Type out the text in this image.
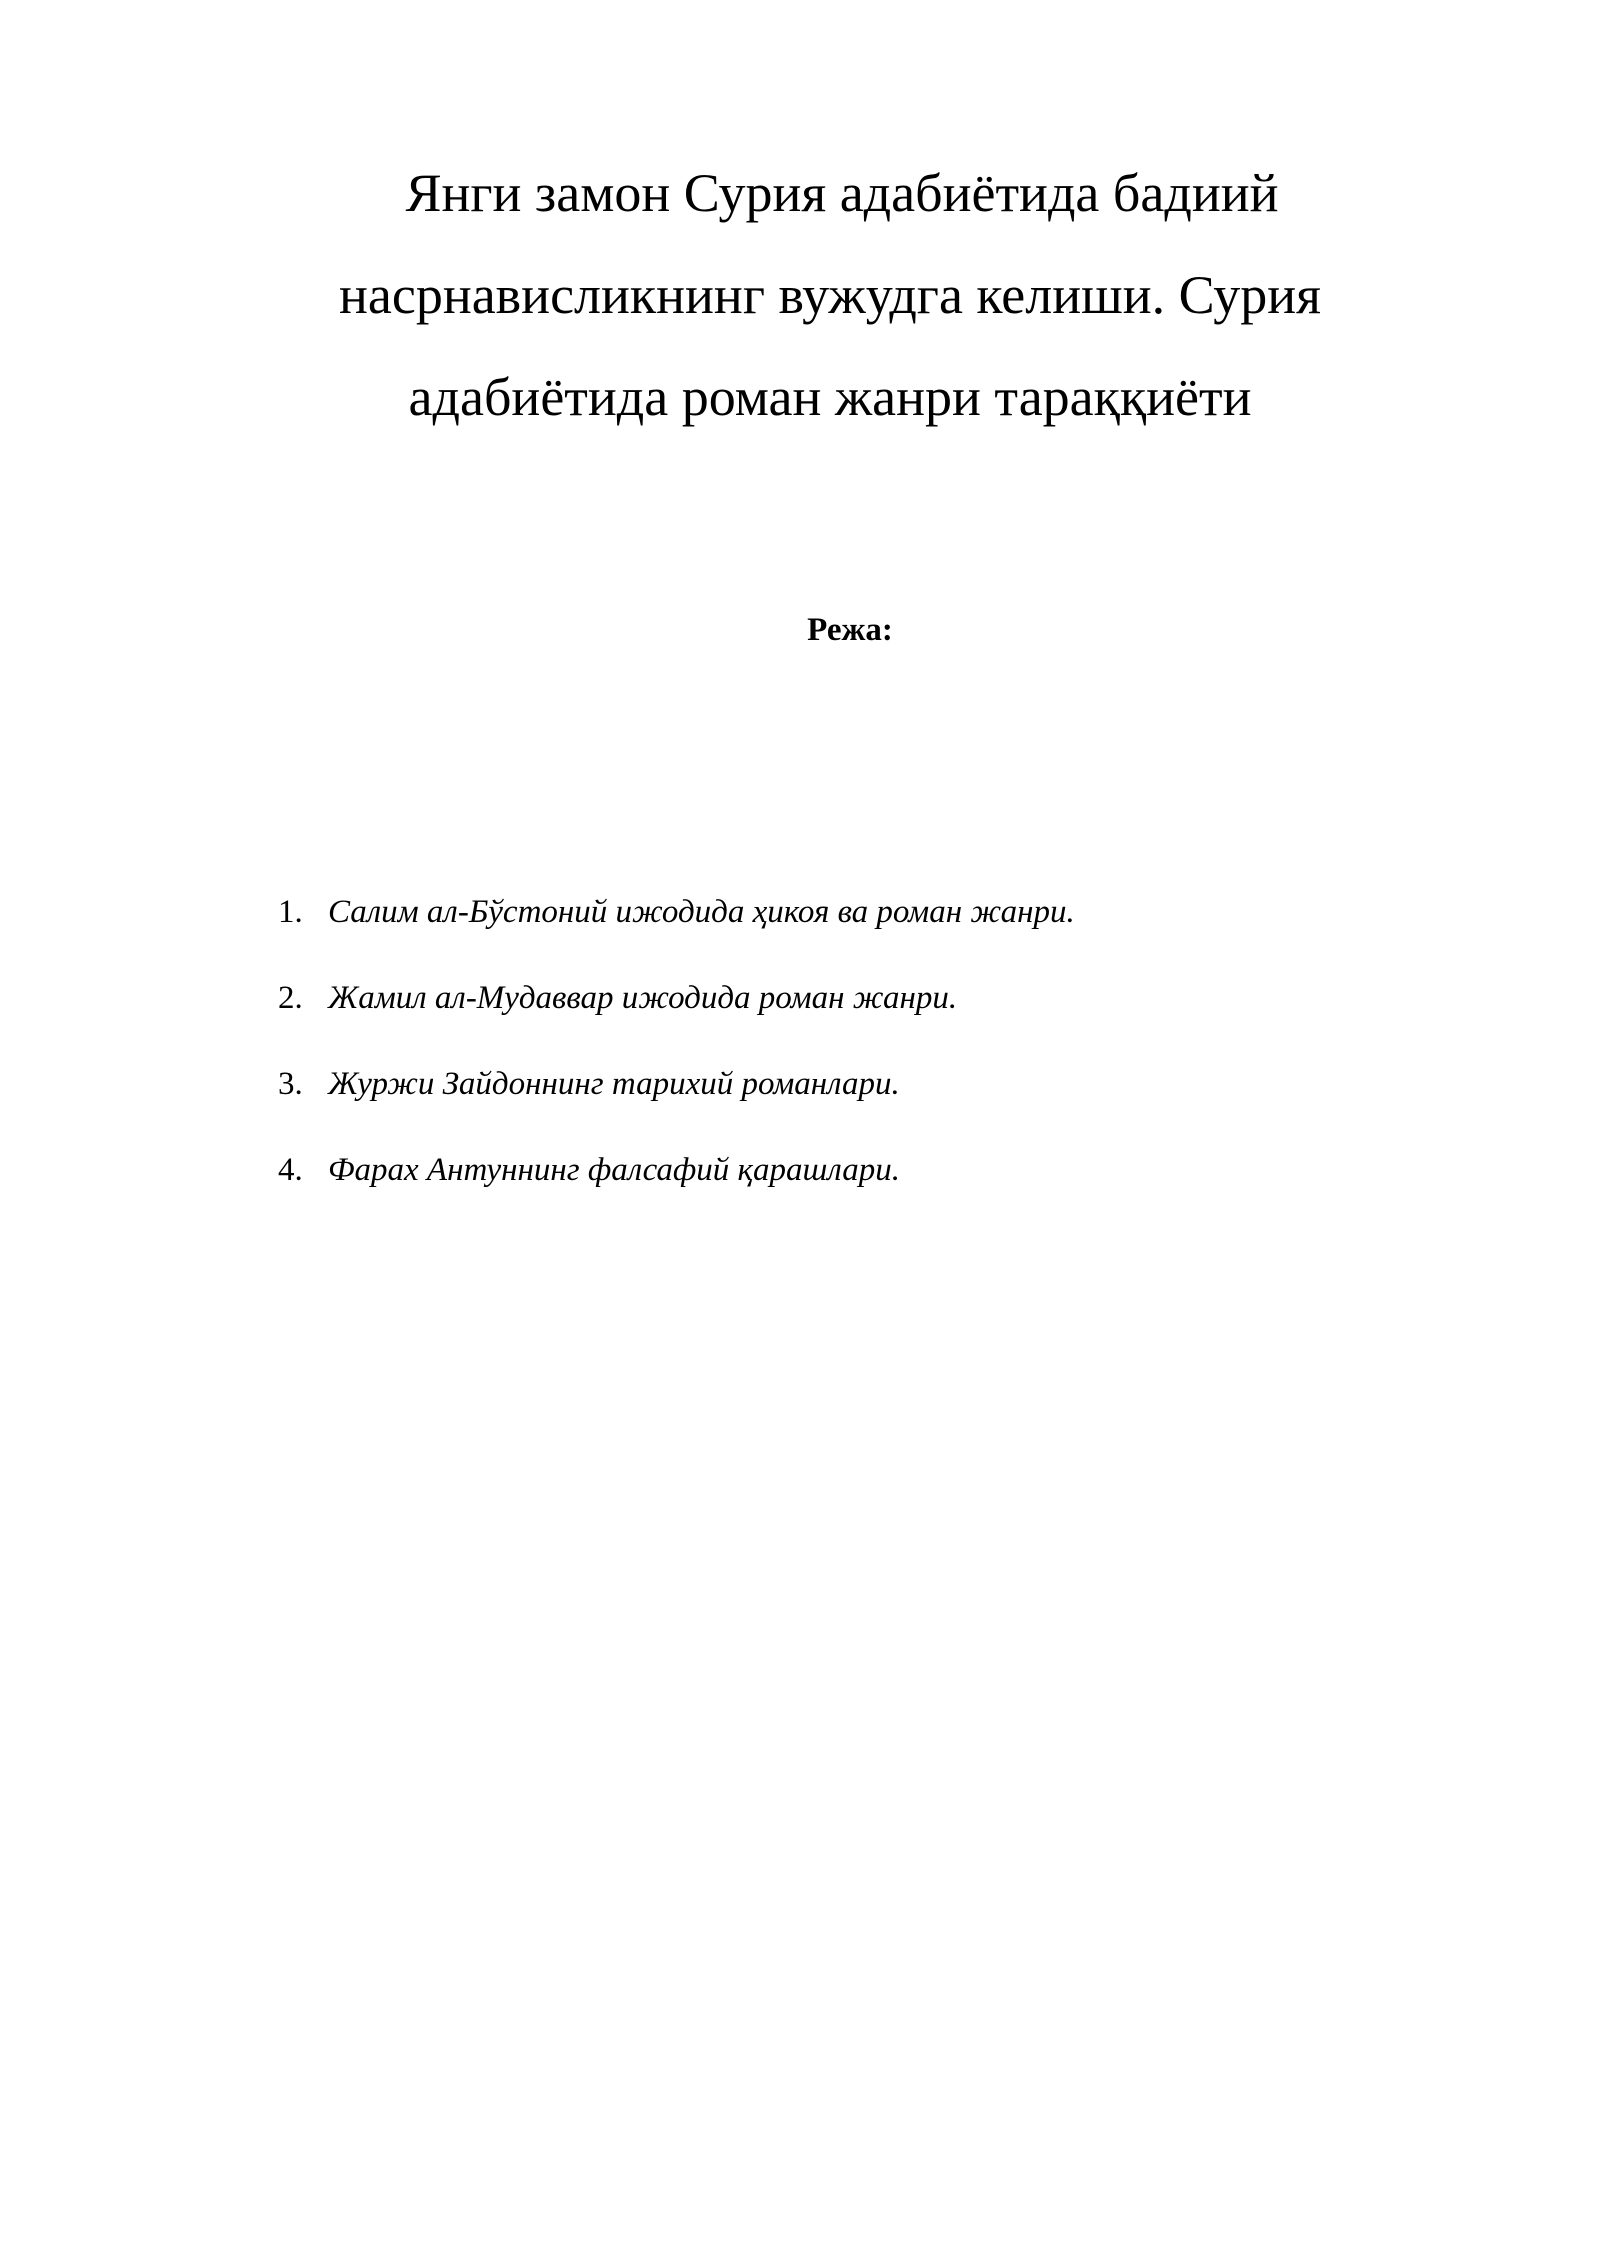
Янги замон Сурия адабиётида бадиий
насрнависликнинг вужудга келиши. Сурия
адабиётида роман жанри тараққиёти
Режа:
1. Салим ал-Бўстоний ижодида ҳикоя ва роман жанри.
2. Жамил ал-Мудаввар ижодида роман жанри.
3. Журжи Зайдоннинг тарихий романлари.
4. Фарах Антуннинг фалсафий қарашлари.
